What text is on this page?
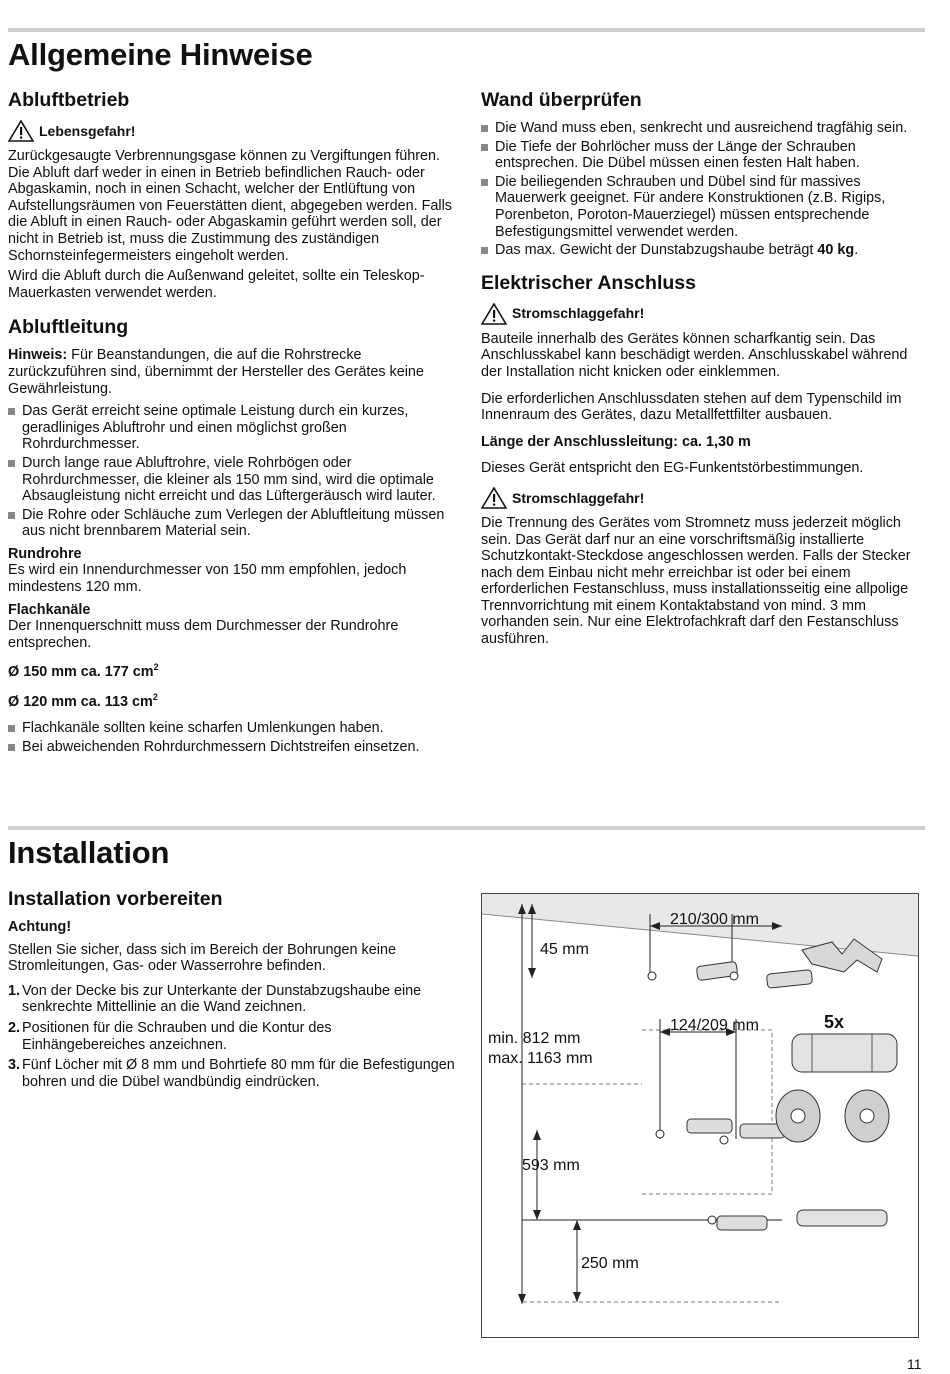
Allgemeine Hinweise
Abluftbetrieb
Lebensgefahr!

Zurückgesaugte Verbrennungsgase können zu Vergiftungen führen. Die Abluft darf weder in einen in Betrieb befindlichen Rauch- oder Abgaskamin, noch in einen Schacht, welcher der Entlüftung von Aufstellungsräumen von Feuerstätten dient, abgegeben werden. Falls die Abluft in einen Rauch- oder Abgaskamin geführt werden soll, der nicht in Betrieb ist, muss die Zustimmung des zuständigen Schornsteinfegermeisters eingeholt werden.

Wird die Abluft durch die Außenwand geleitet, sollte ein Teleskop-Mauerkasten verwendet werden.

Abluftleitung

Hinweis: Für Beanstandungen, die auf die Rohrstrecke zurückzuführen sind, übernimmt der Hersteller des Gerätes keine Gewährleistung.

Das Gerät erreicht seine optimale Leistung durch ein kurzes, geradliniges Abluftrohr und einen möglichst großen Rohrdurchmesser.
Durch lange raue Abluftrohre, viele Rohrbögen oder Rohrdurchmesser, die kleiner als 150 mm sind, wird die optimale Absaugleistung nicht erreicht und das Lüftergeräusch wird lauter.
Die Rohre oder Schläuche zum Verlegen der Abluftleitung müssen aus nicht brennbarem Material sein.

Rundrohre

Es wird ein Innendurchmesser von 150 mm empfohlen, jedoch mindestens 120 mm.

Flachkanäle

Der Innenquerschnitt muss dem Durchmesser der Rundrohre entsprechen.

Ø 150 mm ca. 177 $cm^2$

Ø 120 mm ca. 113 $cm^2$

Flachkanäle sollten keine scharfen Umlenkungen haben.
Bei abweichenden Rohrdurchmessern Dichtstreifen einsetzen.
Wand überprüfen
Die Wand muss eben, senkrecht und ausreichend tragfähig sein.
Die Tiefe der Bohrlöcher muss der Länge der Schrauben entsprechen. Die Dübel müssen einen festen Halt haben.
Die beiliegenden Schrauben und Dübel sind für massives Mauerwerk geeignet. Für andere Konstruktionen (z.B. Rigips, Porenbeton, Poroton-Mauerziegel) müssen entsprechende Befestigungsmittel verwendet werden.
Das max. Gewicht der Dunstabzugshaube beträgt 40 kg.
Elektrischer Anschluss
Stromschlaggefahr!

Bauteile innerhalb des Gerätes können scharfkantig sein. Das Anschlusskabel kann beschädigt werden. Anschlusskabel während der Installation nicht knicken oder einklemmen.

Die erforderlichen Anschlussdaten stehen auf dem Typenschild im Innenraum des Gerätes, dazu Metallfettfilter ausbauen.

Länge der Anschlussleitung: ca. 1,30 m

Dieses Gerät entspricht den EG-Funkentstörbestimmungen.

Stromschlaggefahr!

Die Trennung des Gerätes vom Stromnetz muss jederzeit möglich sein. Das Gerät darf nur an eine vorschriftsmäßig installierte Schutzkontakt-Steckdose angeschlossen werden. Falls der Stecker nach dem Einbau nicht mehr erreichbar ist oder bei einem erforderlichen Festanschluss, muss installationsseitig eine allpolige Trennvorrichtung mit einem Kontaktabstand von mind. 3 mm vorhanden sein. Nur eine Elektrofachkraft darf den Festanschluss ausführen.

Installation
Installation vorbereiten

Achtung!

Stellen Sie sicher, dass sich im Bereich der Bohrungen keine Stromleitungen, Gas- oder Wasserrohre befinden.

1. Von der Decke bis zur Unterkante der Dunstabzugshaube eine senkrechte Mittellinie an die Wand zeichnen.
2. Positionen für die Schrauben und die Kontur des Einhängebereiches anzeichnen.
3. Fünf Löcher mit Ø 8 mm und Bohrtiefe 80 mm für die Befestigungen bohren und die Dübel wandbündig eindrücken.
210/300 mm
45 mm
124/209 mm	5x
min. 812 mm
max. 1163 mm
593 mm
250 mm
11
